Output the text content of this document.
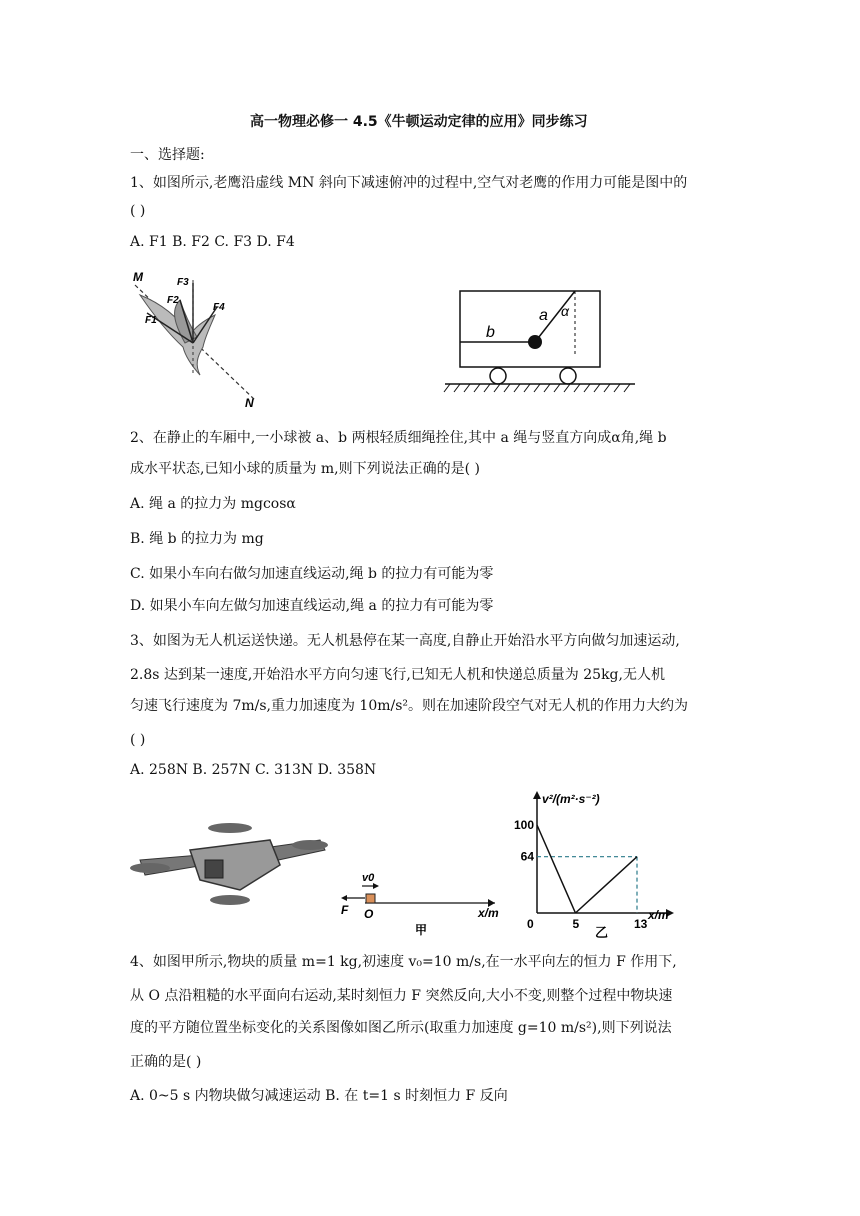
高一物理必修一 4.5《牛顿运动定律的应用》同步练习
一、选择题:
1、如图所示,老鹰沿虚线 MN 斜向下减速俯冲的过程中,空气对老鹰的作用力可能是图中的
( )
A. F1 B. F2 C. F3 D. F4
M
N
F1
F2
F3
F4
b
a α
2、在静止的车厢中,一小球被 a、b 两根轻质细绳拴住,其中 a 绳与竖直方向成α角,绳 b
成水平状态,已知小球的质量为 m,则下列说法正确的是( )
A. 绳 a 的拉力为 mgcosα
B. 绳 b 的拉力为 mg
C. 如果小车向右做匀加速直线运动,绳 b 的拉力有可能为零
D. 如果小车向左做匀加速直线运动,绳 a 的拉力有可能为零
3、如图为无人机运送快递。无人机悬停在某一高度,自静止开始沿水平方向做匀加速运动,
2.8s 达到某一速度,开始沿水平方向匀速飞行,已知无人机和快递总质量为 25kg,无人机
匀速飞行速度为 7m/s,重力加速度为 10m/s²。则在加速阶段空气对无人机的作用力大约为
( )
A. 258N B. 257N C. 313N D. 358N
v0
F O	x/m
甲
100
64
0	5	13
v²/(m²·s⁻²)
x/m
乙
4、如图甲所示,物块的质量 m=1 kg,初速度 v₀=10 m/s,在一水平向左的恒力 F 作用下,
从 O 点沿粗糙的水平面向右运动,某时刻恒力 F 突然反向,大小不变,则整个过程中物块速
度的平方随位置坐标变化的关系图像如图乙所示(取重力加速度 g=10 m/s²),则下列说法
正确的是( )
A. 0~5 s 内物块做匀减速运动 B. 在 t=1 s 时刻恒力 F 反向
